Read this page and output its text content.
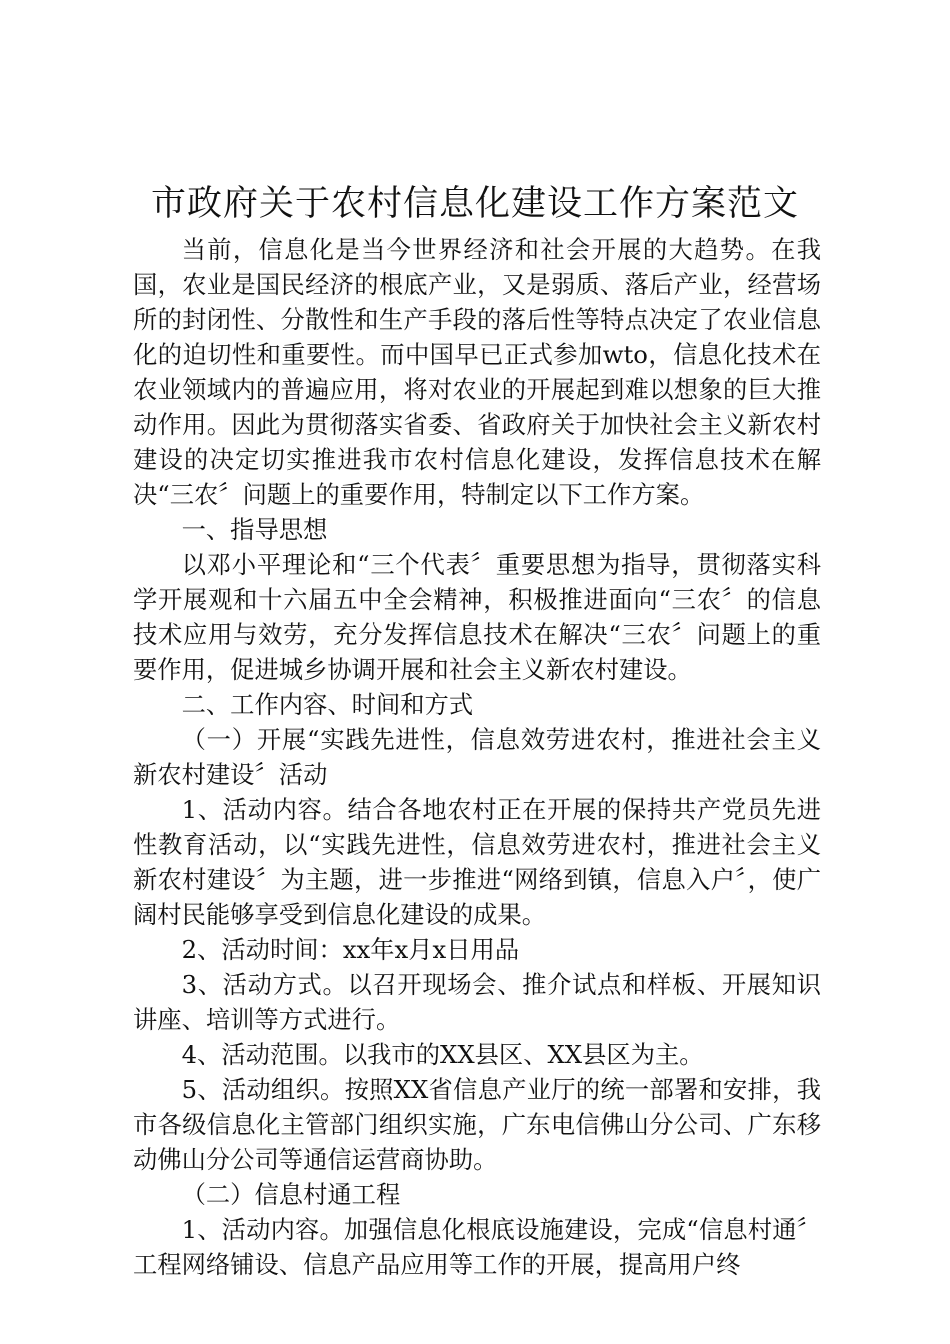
市政府关于农村信息化建设工作方案范文

当前，信息化是当今世界经济和社会开展的大趋势。在我国，农业是国民经济的根底产业，又是弱质、落后产业，经营场所的封闭性、分散性和生产手段的落后性等特点决定了农业信息化的迫切性和重要性。而中国早已正式参加wto，信息化技术在农业领域内的普遍应用，将对农业的开展起到难以想象的巨大推动作用。因此为贯彻落实省委、省政府关于加快社会主义新农村建设的决定切实推进我市农村信息化建设，发挥信息技术在解决“三农〞问题上的重要作用，特制定以下工作方案。

一、指导思想

以邓小平理论和“三个代表〞重要思想为指导，贯彻落实科学开展观和十六届五中全会精神，积极推进面向“三农〞的信息技术应用与效劳，充分发挥信息技术在解决“三农〞问题上的重要作用，促进城乡协调开展和社会主义新农村建设。

二、工作内容、时间和方式

（一）开展“实践先进性，信息效劳进农村，推进社会主义新农村建设〞活动

1、活动内容。结合各地农村正在开展的保持共产党员先进性教育活动，以“实践先进性，信息效劳进农村，推进社会主义新农村建设〞为主题，进一步推进“网络到镇，信息入户〞，使广阔村民能够享受到信息化建设的成果。

2、活动时间：xx年x月x日用品

3、活动方式。以召开现场会、推介试点和样板、开展知识讲座、培训等方式进行。

4、活动范围。以我市的XX县区、XX县区为主。

5、活动组织。按照XX省信息产业厅的统一部署和安排，我市各级信息化主管部门组织实施，广东电信佛山分公司、广东移动佛山分公司等通信运营商协助。

（二）信息村通工程

1、活动内容。加强信息化根底设施建设，完成“信息村通〞工程网络铺设、信息产品应用等工作的开展，提高用户终
